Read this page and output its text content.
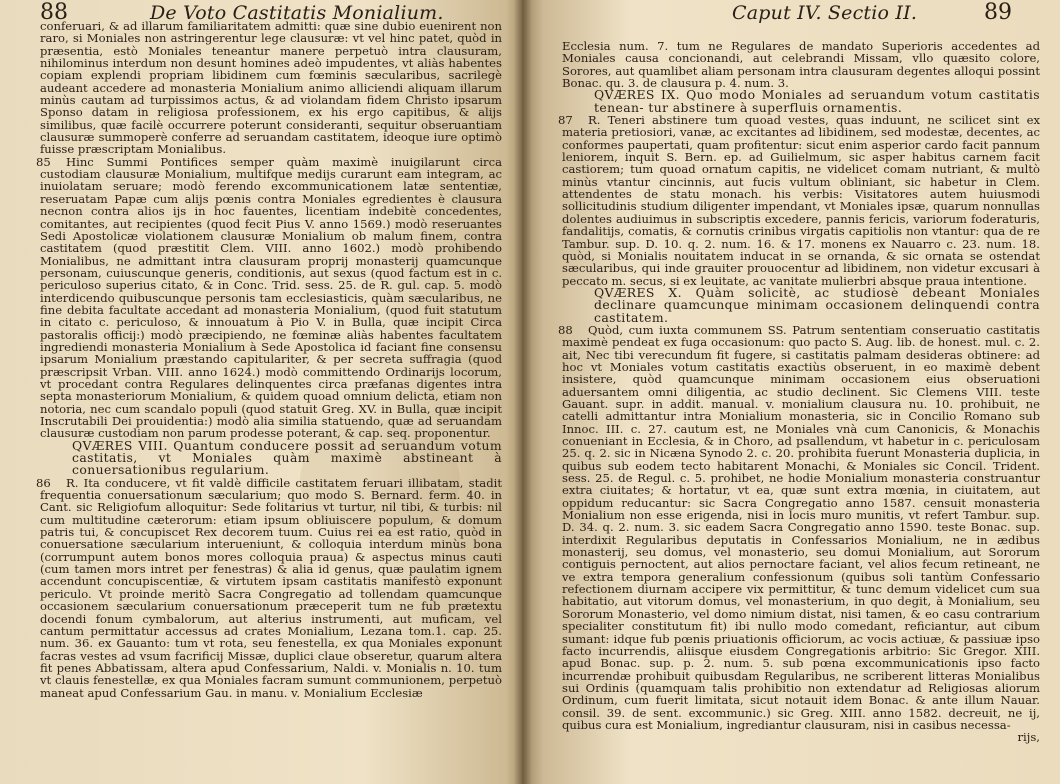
88	De Voto Castitatis Monialium.

conferuari, & ad illarum familiaritatem admitti: quæ sine dubio euenirent non raro, si Moniales non astringerentur lege clausuræ: vt vel hinc patet, quòd in præsentia, estò Moniales teneantur manere perpetuò intra clausuram, nihilominus interdum non desunt homines adeò impudentes, vt aliàs habentes copiam explendi propriam libidinem cum fœminis sæcularibus, sacrilegè audeant accedere ad monasteria Monialium animo alliciendi aliquam illarum minùs cautam ad turpissimos actus, & ad violandam fidem Christo ipsarum Sponso datam in religiosa professionem, ex his ergo capitibus, & alijs similibus, quæ facilè occurrere poterunt consideranti, sequitur obseruantiam clausuræ summoperè conferre ad seruandam castitatem, ideoque iure optimò fuisse præscriptam Monialibus.

85 Hinc Summi Pontifices semper quàm maximè inuigilarunt circa custodiam clausuræ Monialium, multifque medijs curarunt eam integram, ac inuiolatam seruare; modò ferendo excommunicationem latæ sententiæ, reseruatam Papæ cum alijs pœnis contra Moniales egredientes è clausura necnon contra alios ijs in hoc fauentes, licentiam indebitè concedentes, comitantes, aut recipientes (quod fecit Pius V. anno 1569.) modò reseruantes Sedi Apostolicæ violationem clausuræ Monialium ob malum finem, contra castitatem (quod præstitit Clem. VIII. anno 1602.) modò prohibendo Monialibus, ne admittant intra clausuram proprij monasterij quamcunque personam, cuiuscunque generis, conditionis, aut sexus (quod factum est in c. periculoso superius citato, & in Conc. Trid. sess. 25. de R. gul. cap. 5. modò interdicendo quibuscunque personis tam ecclesiasticis, quàm sæcularibus, ne fine debita facultate accedant ad monasteria Monialium, (quod fuit statutum in citato c. periculoso, & innouatum à Pio V. in Bulla, quæ incipit Circa pastoralis officij:) modò præcipiendo, ne fœminæ aliàs habentes facultatem ingrediendi monasteria Monialium à Sede Apostolica id faciant fine consensu ipsarum Monialium præstando capitulariter, & per secreta suffragia (quod præscripsit Vrban. VIII. anno 1624.) modò committendo Ordinarijs locorum, vt procedant contra Regulares delinquentes circa præfanas digentes intra septa monasteriorum Monialium, & quidem quoad omnium delicta, etiam non notoria, nec cum scandalo populi (quod statuit Greg. XV. in Bulla, quæ incipit Inscrutabili Dei prouidentia:) modò alia similia statuendo, quæ ad seruandam clausuræ custodiam non parum prodesse poterant, & cap. seq. proponentur.

QVÆRES VIII. Quantum conducere possit ad seruandum votum castitatis, vt Moniales quàm maximè abstineant à conuersationibus regularium.

86 R. Ita conducere, vt fit valdè difficile castitatem feruari illibatam, stadit frequentia conuersationum sæcularium; quo modo S. Bernard. ferm. 40. in Cant. sic Religiofum alloquitur: Sede folitarius vt turtur, nil tibi, & turbis: nil cum multitudine cæterorum: etiam ipsum obliuiscere populum, & domum patris tui, & concupiscet Rex decorem tuum. Cuius rei ea est ratio, quòd in conuersatione sæcularium interueniunt, & colloquia interdum minùs bona (corrumpunt autem bonos mores colloquia praua) & aspectus minus cauti (cum tamen mors intret per fenestras) & alia id genus, quæ paulatim ignem accendunt concupiscentiæ, & virtutem ipsam castitatis manifestò exponunt periculo. Vt proinde meritò Sacra Congregatio ad tollendam quamcunque occasionem sæcularium conuersationum præceperit tum ne fub prætextu docendi fonum cymbalorum, aut alterius instrumenti, aut muficam, vel cantum permittatur accessus ad crates Monialium, Lezana tom.1. cap. 25. num. 36. ex Gauanto: tum vt rota, seu fenestella, ex qua Moniales exponunt facras vestes ad vsum facrificij Missæ, duplici claue obseretur, quarum altera fit penes Abbatissam, altera apud Confessarium, Naldi. v. Monialis n. 10. tum vt clauis fenestellæ, ex qua Moniales facram sumunt communionem, perpetuò maneat apud Confessarium Gau. in manu. v. Monialium Ecclesiæ

Caput IV. Sectio II.	89

Ecclesia num. 7. tum ne Regulares de mandato Superioris accedentes ad Moniales causa concionandi, aut celebrandi Missam, vllo quæsito colore, Sorores, aut quamlibet aliam personam intra clausuram degentes alloqui possint Bonac. qu. 3. de clausura p. 4. num. 3.

QVÆRES IX. Quo modo Moniales ad seruandum votum castitatis tenean- tur abstinere à superfluis ornamentis.

87 R. Teneri abstinere tum quoad vestes, quas induunt, ne scilicet sint ex materia pretiosiori, vanæ, ac excitantes ad libidinem, sed modestæ, decentes, ac conformes paupertati, quam profitentur: sicut enim asperior cardo facit pannum leniorem, inquit S. Bern. ep. ad Guilielmum, sic asper habitus carnem facit castiorem; tum quoad ornatum capitis, ne videlicet comam nutriant, & multò minùs vtantur cincinnis, aut fucis vultum obliniant, sic habetur in Clem. attendentes de statu monach. his verbis: Visitatores autem huiusmodi sollicitudinis studium diligenter impendant, vt Moniales ipsæ, quarum nonnullas dolentes audiuimus in subscriptis excedere, pannis fericis, variorum foderaturis, fandalitijs, comatis, & cornutis crinibus virgatis capitiolis non vtantur: qua de re Tambur. sup. D. 10. q. 2. num. 16. & 17. monens ex Nauarro c. 23. num. 18. quòd, si Monialis nouitatem inducat in se ornanda, & sic ornata se ostendat sæcularibus, qui inde grauiter prouocentur ad libidinem, non videtur excusari à peccato m. secus, si ex leuitate, ac vanitate mulierbri absque praua intentione.

QVÆRES X. Quàm solicitè, ac studiosè debeant Moniales declinare quamcunque minimam occasionem delinquendi contra castitatem.

88 Quòd, cum iuxta communem SS. Patrum sententiam conseruatio castitatis maximè pendeat ex fuga occasionum: quo pacto S. Aug. lib. de honest. mul. c. 2. ait, Nec tibi verecundum fit fugere, si castitatis palmam desideras obtinere: ad hoc vt Moniales votum castitatis exactiùs obseruent, in eo maximè debent insistere, quòd quamcunque minimam occasionem eius obseruationi aduersantem omni diligentia, ac studio declinent. Sic Clemens VIII. teste Gauant. supr. in addit. manual. v. monialium clausura nu. 10. prohibuit, ne catelli admittantur intra Monialium monasteria, sic in Concilio Romano sub Innoc. III. c. 27. cautum est, ne Moniales vnà cum Canonicis, & Monachis conueniant in Ecclesia, & in Choro, ad psallendum, vt habetur in c. periculosam 25. q. 2. sic in Nicæna Synodo 2. c. 20. prohibita fuerunt Monasteria duplicia, in quibus sub eodem tecto habitarent Monachi, & Moniales sic Concil. Trident. sess. 25. de Regul. c. 5. prohibet, ne hodie Monialium monasteria construantur extra ciuitates; & hortatur, vt ea, quæ sunt extra mœnia, in ciuitatem, aut oppidum reducantur: sic Sacra Congregatio anno 1587. censuit monasteria Monialium non esse erigenda, nisi in locis muro munitis, vt refert Tambur. sup. D. 34. q. 2. num. 3. sic eadem Sacra Congregatio anno 1590. teste Bonac. sup. interdixit Regularibus deputatis in Confessarios Monialium, ne in ædibus monasterij, seu domus, vel monasterio, seu domui Monialium, aut Sororum contiguis pernoctent, aut alios pernoctare faciant, vel alios fecum retineant, ne ve extra tempora generalium confessionum (quibus soli tantùm Confessario refectionem diurnam accipere vix permittitur, & tunc demum videlicet cum sua habitatio, aut vitorum domus, vel monasterium, in quo degit, à Monialium, seu Sororum Monasterio, vel domo nimium distat, nisi tamen, & eo casu contrarium specialiter constitutum fit) ibi nullo modo comedant, reficiantur, aut cibum sumant: idque fub pœnis priuationis officiorum, ac vocis actiuæ, & passiuæ ipso facto incurrendis, aliisque eiusdem Congregationis arbitrio: Sic Gregor. XIII. apud Bonac. sup. p. 2. num. 5. sub pœna excommunicationis ipso facto incurrendæ prohibuit quibusdam Regularibus, ne scriberent litteras Monialibus sui Ordinis (quamquam talis prohibitio non extendatur ad Religiosas aliorum Ordinum, cum fuerit limitata, sicut notauit idem Bonac. & ante illum Nauar. consil. 39. de sent. excommunic.) sic Greg. XIII. anno 1582. decreuit, ne ij, quibus cura est Monialium, ingrediantur clausuram, nisi in casibus necessa-

rijs,
